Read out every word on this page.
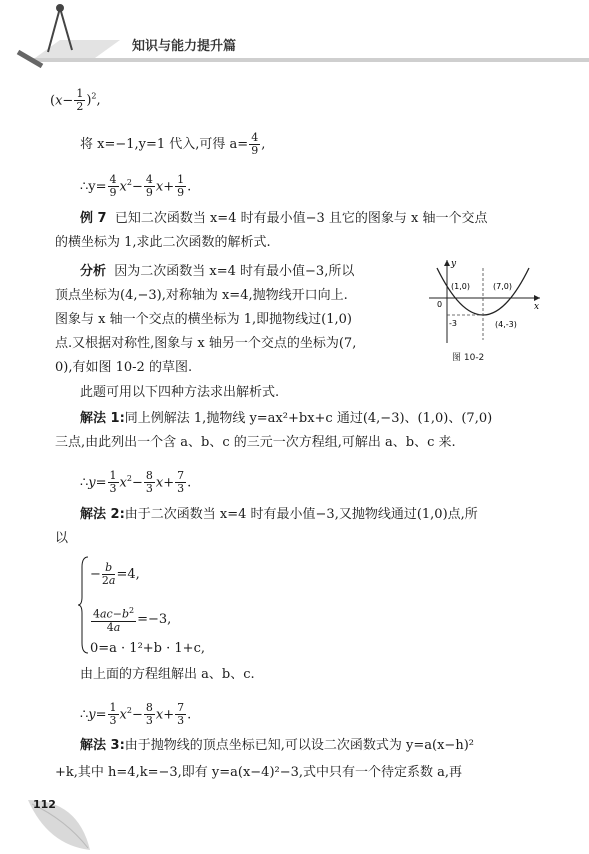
知识与能力提升篇
$(x- \frac{1}{2} )^2$,
将 x=−1,y=1 代入,可得 $a= \frac{4}{9}$ ,
∴y= $\frac{4}{9} x^2- \frac{4}{9} x+ \frac{1}{9}$ .
例 7 已知二次函数当 x=4 时有最小值−3 且它的图象与 x 轴一个交点
的横坐标为 1,求此二次函数的解析式.
分析 因为二次函数当 x=4 时有最小值−3,所以
顶点坐标为(4,−3),对称轴为 x=4,抛物线开口向上.
图象与 x 轴一个交点的横坐标为 1,即抛物线过(1,0)
点.又根据对称性,图象与 x 轴另一个交点的坐标为(7,
0),有如图 10-2 的草图.
y
x
0
(1,0)	(7,0)
(4,-3)
-3
图 10-2
此题可用以下四种方法求出解析式.
解法 1:同上例解法 1,抛物线 y=ax²+bx+c 通过(4,−3)、(1,0)、(7,0)
三点,由此列出一个含 a、b、c 的三元一次方程组,可解出 a、b、c 来.
∴y= $\frac{1}{3} x^2- \frac{8}{3} x+ \frac{7}{3}$ .
解法 2:由于二次函数当 x=4 时有最小值−3,又抛物线通过(1,0)点,所
以
− $\frac{b}{2a} =4$,
$\frac{4ac-b^2}{4a} =-3$,
0=a · 1²+b · 1+c,
由上面的方程组解出 a、b、c.
∴y= $\frac{1}{3} x^2- \frac{8}{3} x+ \frac{7}{3}$ .
解法 3:由于抛物线的顶点坐标已知,可以设二次函数式为 y=a(x−h)²
+k,其中 h=4,k=−3,即有 y=a(x−4)²−3,式中只有一个待定系数 a,再
112
